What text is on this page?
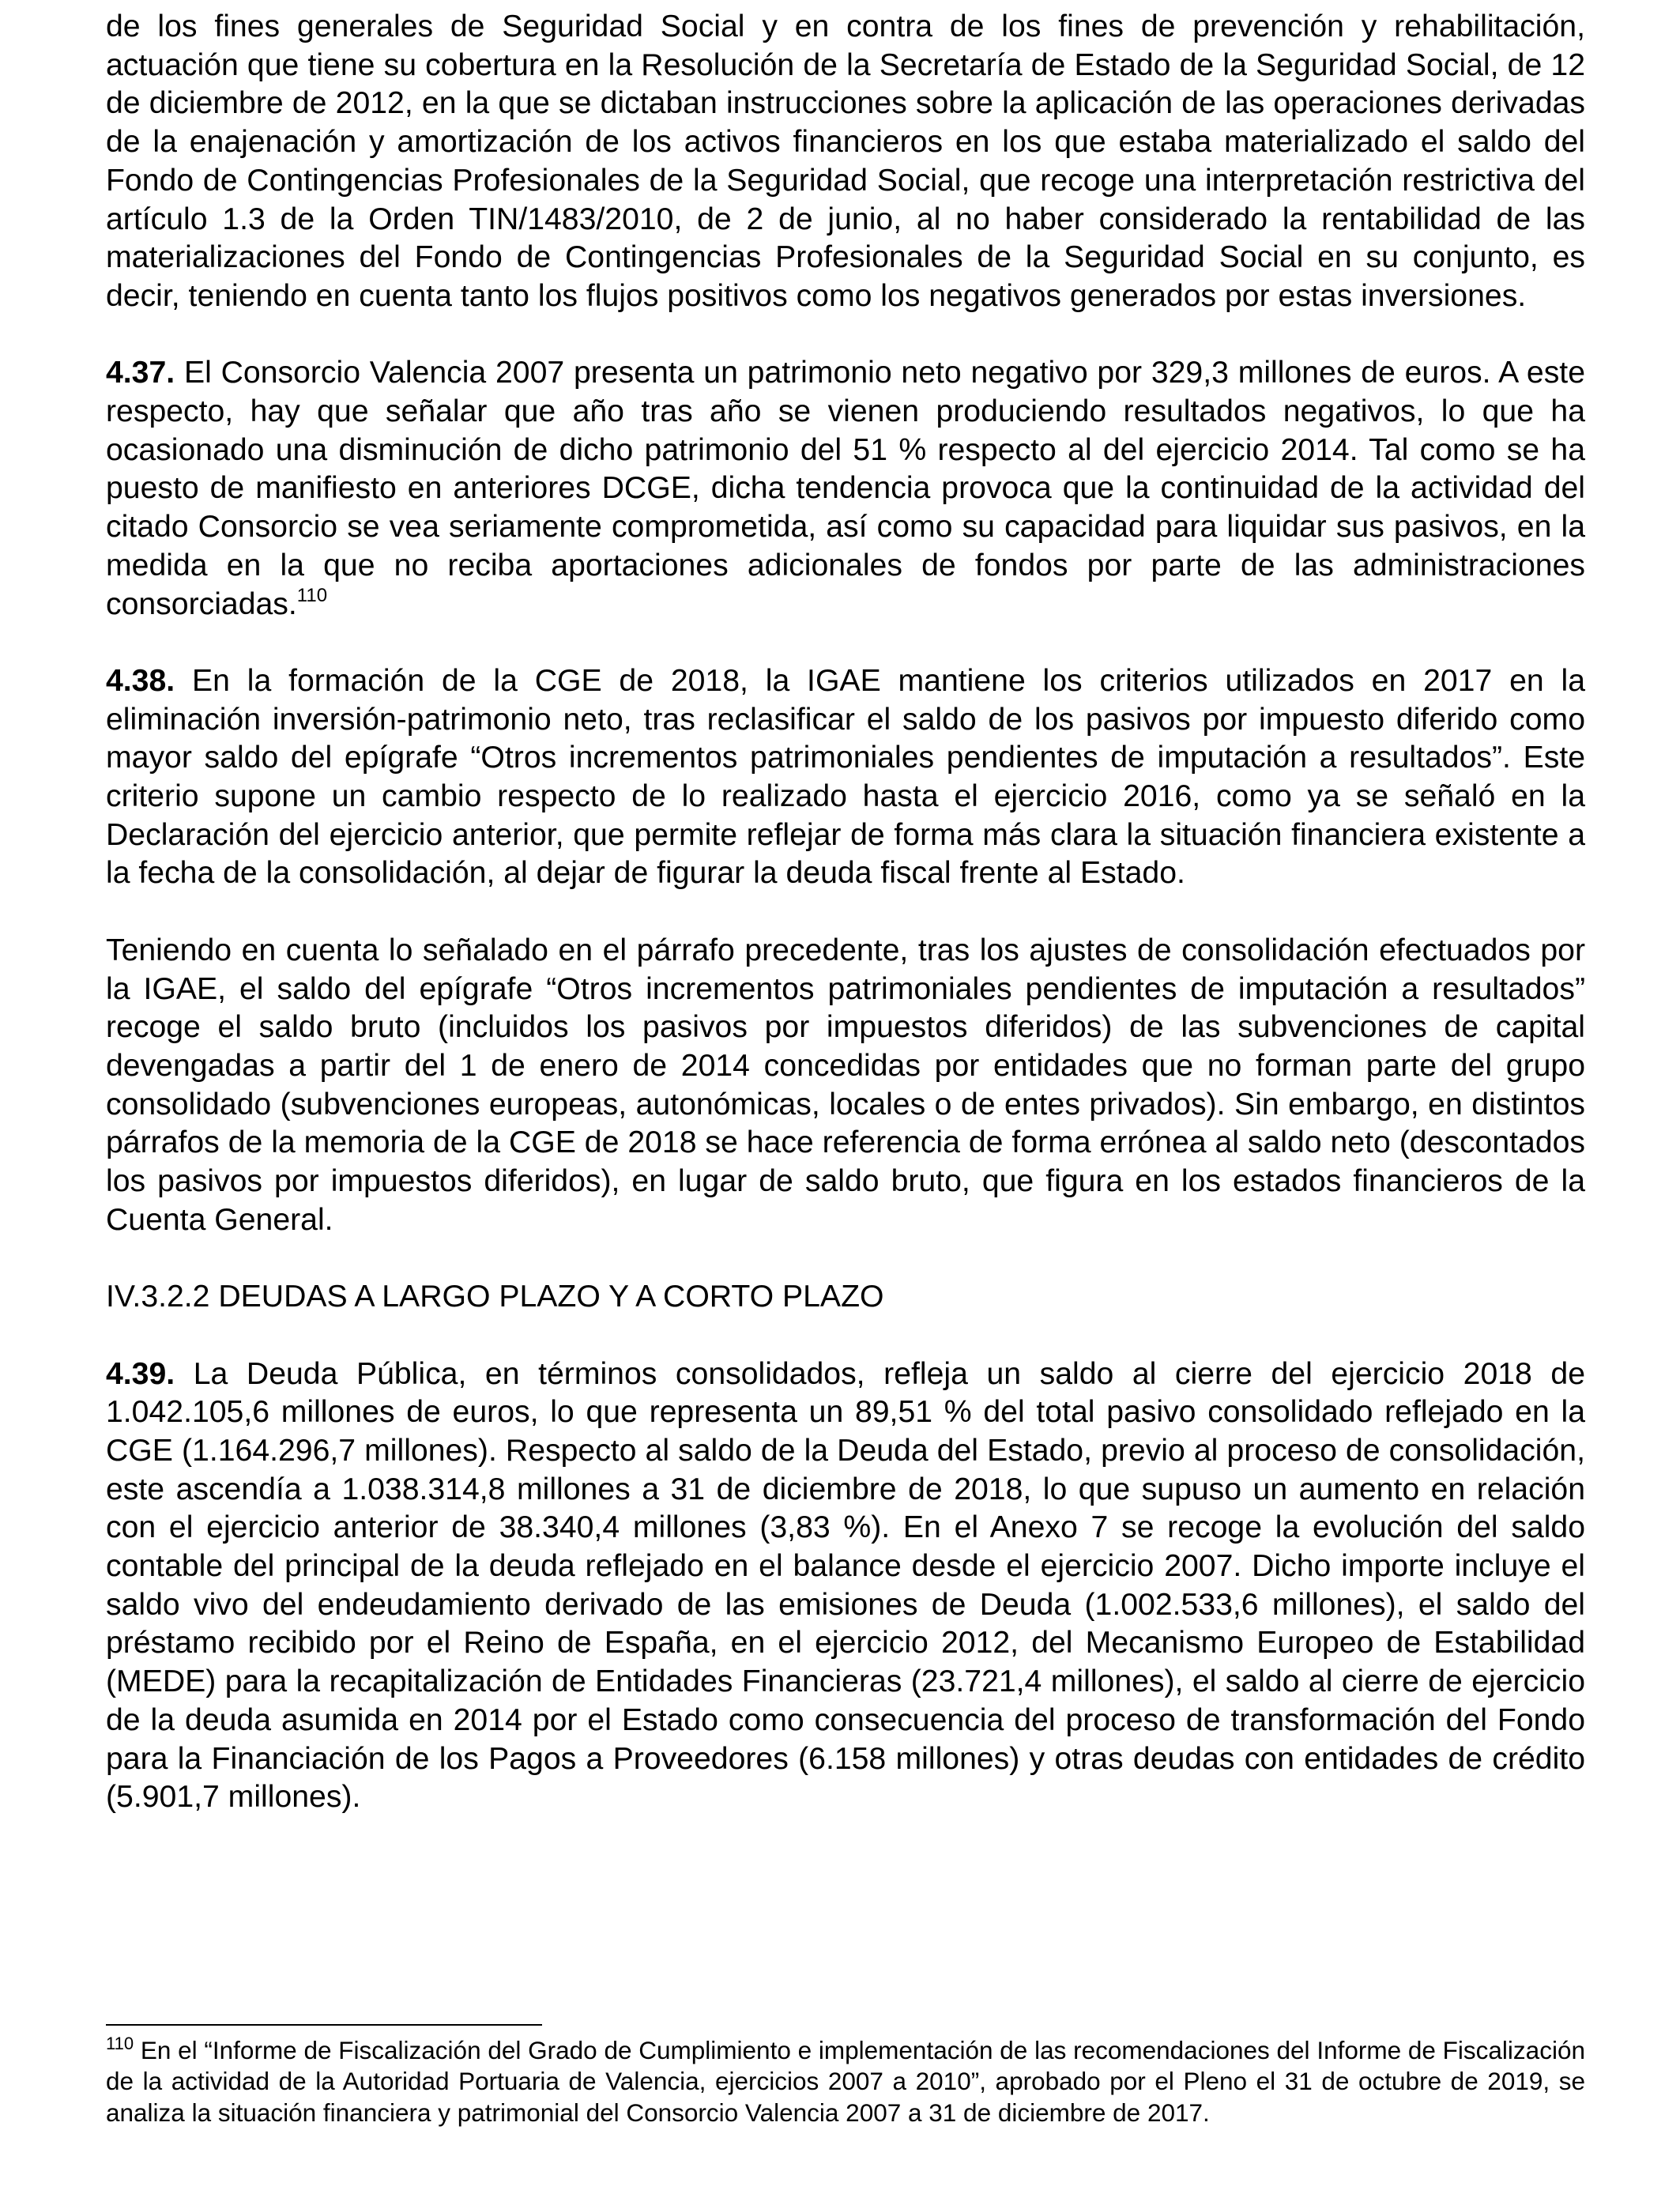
de los fines generales de Seguridad Social y en contra de los fines de prevención y rehabilitación, actuación que tiene su cobertura en la Resolución de la Secretaría de Estado de la Seguridad Social, de 12 de diciembre de 2012, en la que se dictaban instrucciones sobre la aplicación de las operaciones derivadas de la enajenación y amortización de los activos financieros en los que estaba materializado el saldo del Fondo de Contingencias Profesionales de la Seguridad Social, que recoge una interpretación restrictiva del artículo 1.3 de la Orden TIN/1483/2010, de 2 de junio, al no haber considerado la rentabilidad de las materializaciones del Fondo de Contingencias Profesionales de la Seguridad Social en su conjunto, es decir, teniendo en cuenta tanto los flujos positivos como los negativos generados por estas inversiones.

4.37. El Consorcio Valencia 2007 presenta un patrimonio neto negativo por 329,3 millones de euros. A este respecto, hay que señalar que año tras año se vienen produciendo resultados negativos, lo que ha ocasionado una disminución de dicho patrimonio del 51 % respecto al del ejercicio 2014. Tal como se ha puesto de manifiesto en anteriores DCGE, dicha tendencia provoca que la continuidad de la actividad del citado Consorcio se vea seriamente comprometida, así como su capacidad para liquidar sus pasivos, en la medida en la que no reciba aportaciones adicionales de fondos por parte de las administraciones consorciadas.$^{110}$

4.38. En la formación de la CGE de 2018, la IGAE mantiene los criterios utilizados en 2017 en la eliminación inversión-patrimonio neto, tras reclasificar el saldo de los pasivos por impuesto diferido como mayor saldo del epígrafe “Otros incrementos patrimoniales pendientes de imputación a resultados”. Este criterio supone un cambio respecto de lo realizado hasta el ejercicio 2016, como ya se señaló en la Declaración del ejercicio anterior, que permite reflejar de forma más clara la situación financiera existente a la fecha de la consolidación, al dejar de figurar la deuda fiscal frente al Estado.

Teniendo en cuenta lo señalado en el párrafo precedente, tras los ajustes de consolidación efectuados por la IGAE, el saldo del epígrafe “Otros incrementos patrimoniales pendientes de imputación a resultados” recoge el saldo bruto (incluidos los pasivos por impuestos diferidos) de las subvenciones de capital devengadas a partir del 1 de enero de 2014 concedidas por entidades que no forman parte del grupo consolidado (subvenciones europeas, autonómicas, locales o de entes privados). Sin embargo, en distintos párrafos de la memoria de la CGE de 2018 se hace referencia de forma errónea al saldo neto (descontados los pasivos por impuestos diferidos), en lugar de saldo bruto, que figura en los estados financieros de la Cuenta General.

IV.3.2.2 DEUDAS A LARGO PLAZO Y A CORTO PLAZO

4.39. La Deuda Pública, en términos consolidados, refleja un saldo al cierre del ejercicio 2018 de 1.042.105,6 millones de euros, lo que representa un 89,51 % del total pasivo consolidado reflejado en la CGE (1.164.296,7 millones). Respecto al saldo de la Deuda del Estado, previo al proceso de consolidación, este ascendía a 1.038.314,8 millones a 31 de diciembre de 2018, lo que supuso un aumento en relación con el ejercicio anterior de 38.340,4 millones (3,83 %). En el Anexo 7 se recoge la evolución del saldo contable del principal de la deuda reflejado en el balance desde el ejercicio 2007. Dicho importe incluye el saldo vivo del endeudamiento derivado de las emisiones de Deuda (1.002.533,6 millones), el saldo del préstamo recibido por el Reino de España, en el ejercicio 2012, del Mecanismo Europeo de Estabilidad (MEDE) para la recapitalización de Entidades Financieras (23.721,4 millones), el saldo al cierre de ejercicio de la deuda asumida en 2014 por el Estado como consecuencia del proceso de transformación del Fondo para la Financiación de los Pagos a Proveedores (6.158 millones) y otras deudas con entidades de crédito (5.901,7 millones).

$^{110}$ En el “Informe de Fiscalización del Grado de Cumplimiento e implementación de las recomendaciones del Informe de Fiscalización de la actividad de la Autoridad Portuaria de Valencia, ejercicios 2007 a 2010”, aprobado por el Pleno el 31 de octubre de 2019, se analiza la situación financiera y patrimonial del Consorcio Valencia 2007 a 31 de diciembre de 2017.
